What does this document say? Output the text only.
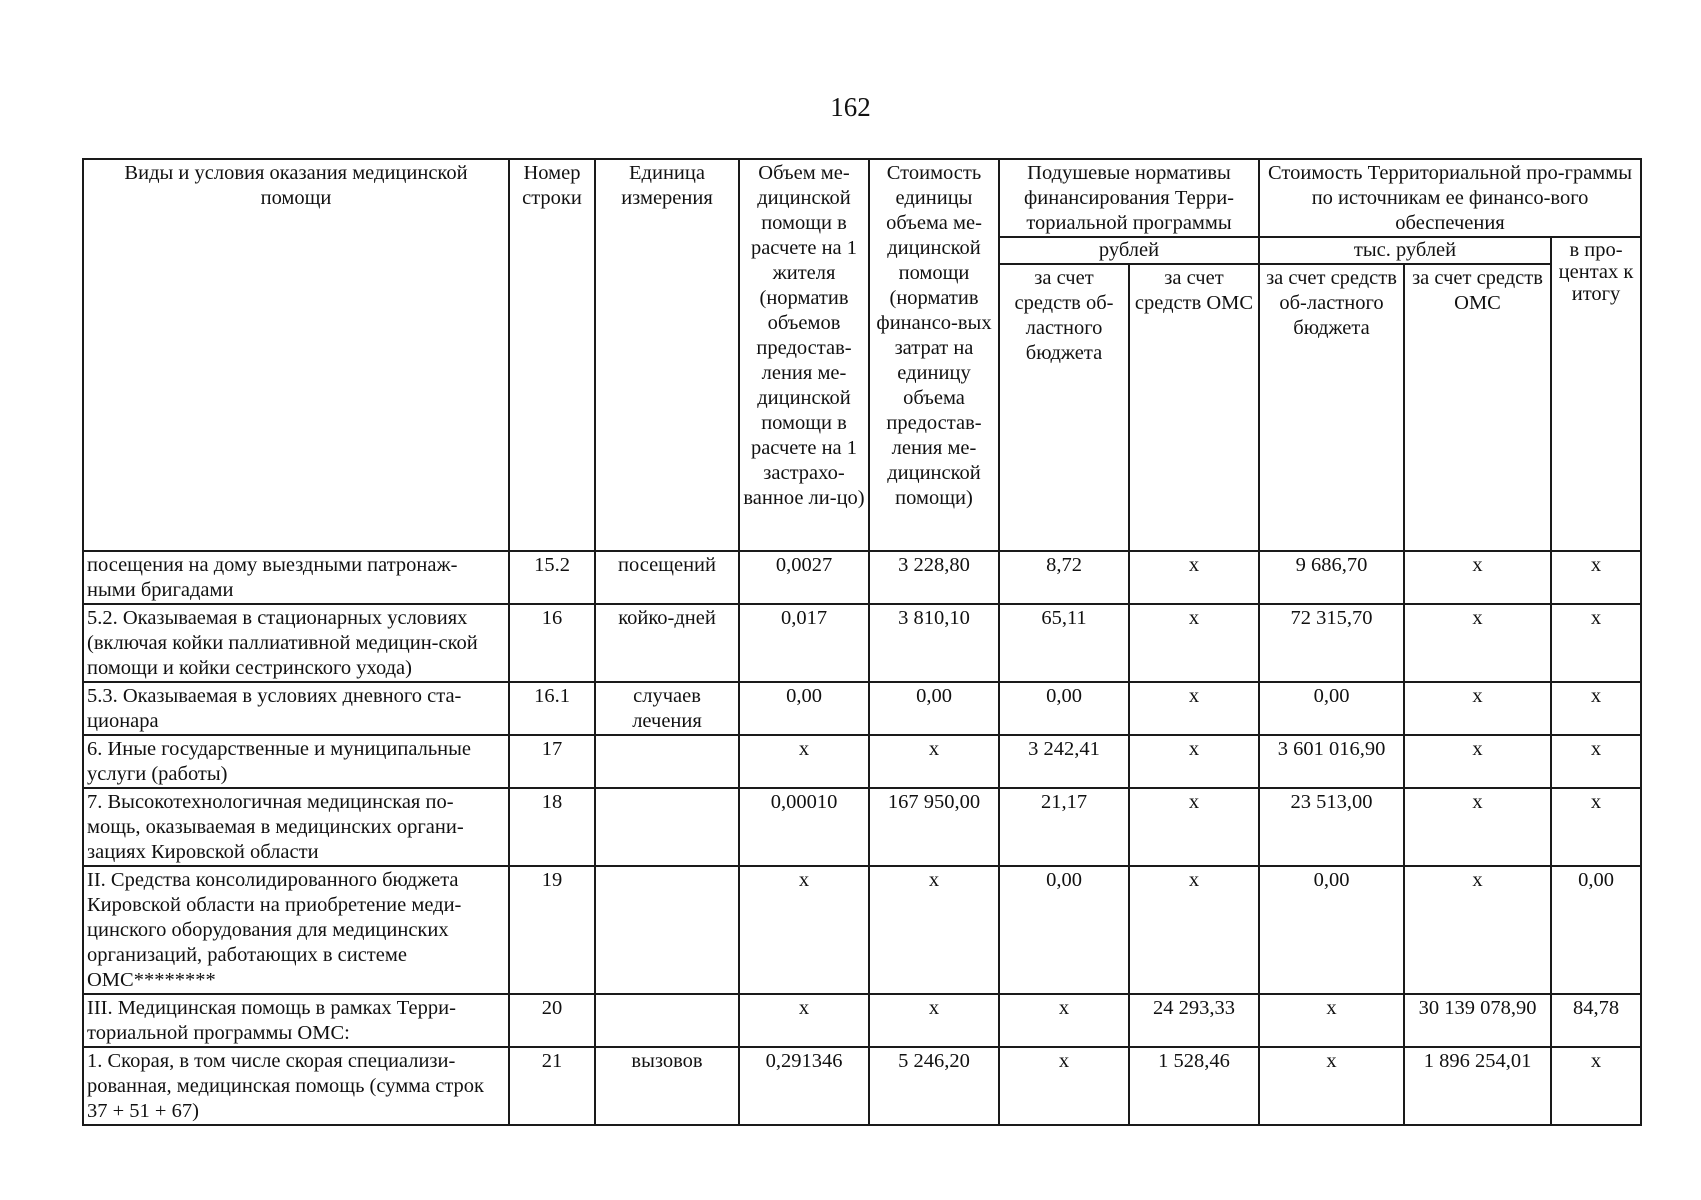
162
Виды и условия оказания медицинской помощи	Номер строки	Единица измерения	Объем ме-дицинской помощи в расчете на 1 жителя (норматив объемов предостав-ления ме-дицинской помощи в расчете на 1 застрахо-ванное ли-цо)	Стоимость единицы объема ме-дицинской помощи (норматив финансо-вых затрат на единицу объема предостав-ления ме-дицинской помощи)	Подушевые нормативы финансирования Терри-ториальной программы		Стоимость Территориальной про-граммы по источникам ее финансо-вого обеспечения		
					рублей		тыс. рублей		в про-центах к итогу
					за счет средств об-ластного бюджета	за счет средств ОМС	за счет средств об-ластного бюджета	за счет средств ОМС	
посещения на дому выездными патронаж-ными бригадами	15.2	посещений	0,0027	3 228,80	8,72	x	9 686,70	x	x
5.2. Оказываемая в стационарных условиях (включая койки паллиативной медицин-ской помощи и койки сестринского ухода)	16	койко-дней	0,017	3 810,10	65,11	x	72 315,70	x	x
5.3. Оказываемая в условиях дневного ста-ционара	16.1	случаев лечения	0,00	0,00	0,00	x	0,00	x	x
6. Иные государственные и муниципальные услуги (работы)	17		x	x	3 242,41	x	3 601 016,90	x	x
7. Высокотехнологичная медицинская по-мощь, оказываемая в медицинских органи-зациях Кировской области	18		0,00010	167 950,00	21,17	x	23 513,00	x	x
II. Средства консолидированного бюджета Кировской области на приобретение меди-цинского оборудования для медицинских организаций, работающих в системе ОМС********	19		x	x	0,00	x	0,00	x	0,00
III. Медицинская помощь в рамках Терри-ториальной программы ОМС:	20		x	x	x	24 293,33	x	30 139 078,90	84,78
1. Скорая, в том числе скорая специализи-рованная, медицинская помощь (сумма строк 37 + 51 + 67)	21	вызовов	0,291346	5 246,20	x	1 528,46	x	1 896 254,01	x
